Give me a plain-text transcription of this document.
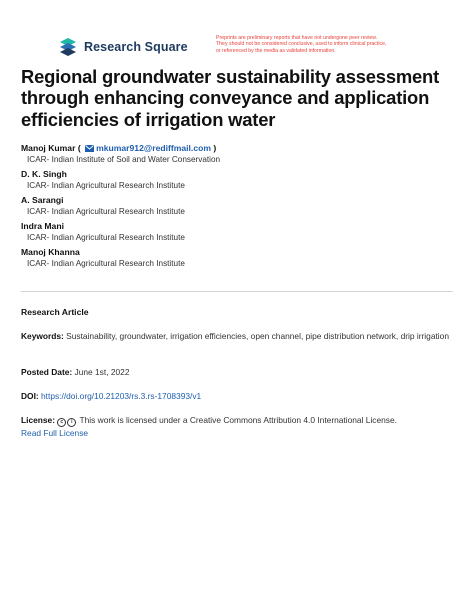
Research Square
Preprints are preliminary reports that have not undergone peer review.
They should not be considered conclusive, used to inform clinical practice,
or referenced by the media as validated information.
Regional groundwater sustainability assessment through enhancing conveyance and application efficiencies of irrigation water
Manoj Kumar ( mkumar912@rediffmail.com )
ICAR- Indian Institute of Soil and Water Conservation
D. K. Singh
ICAR- Indian Agricultural Research Institute
A. Sarangi
ICAR- Indian Agricultural Research Institute
Indra Mani
ICAR- Indian Agricultural Research Institute
Manoj Khanna
ICAR- Indian Agricultural Research Institute
Research Article
Keywords: Sustainability, groundwater, irrigation efficiencies, open channel, pipe distribution network, drip irrigation
Posted Date: June 1st, 2022
DOI: https://doi.org/10.21203/rs.3.rs-1708393/v1
License: c i This work is licensed under a Creative Commons Attribution 4.0 International License.
Read Full License
